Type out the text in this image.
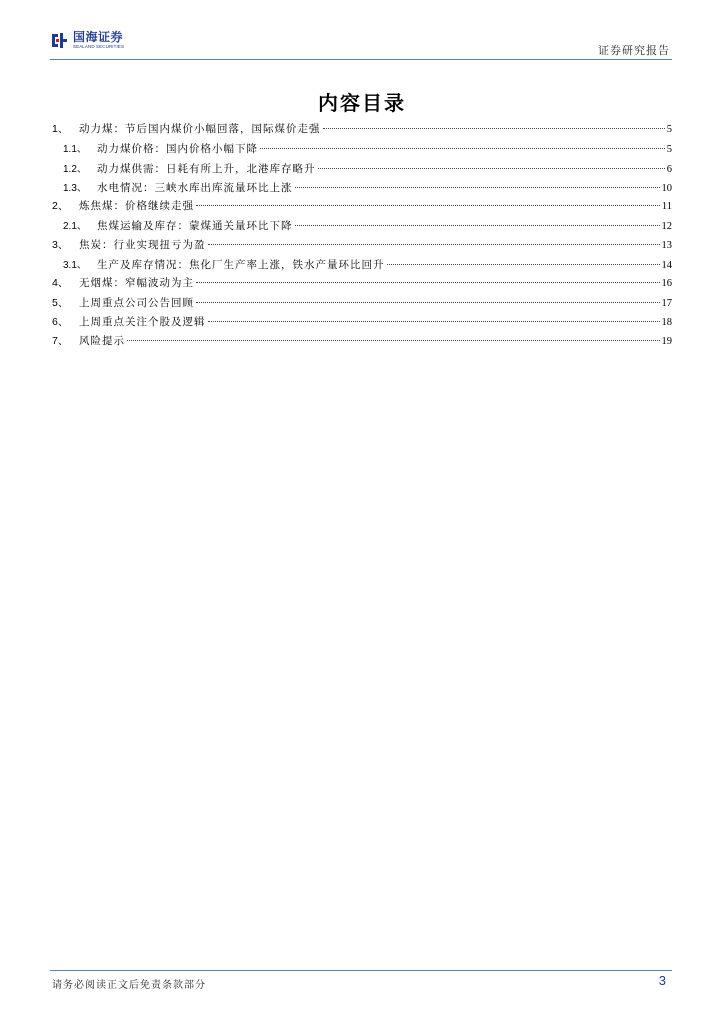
国海证券
SEALAND SECURITIES	证券研究报告
内容目录
1、	动力煤：节后国内煤价小幅回落，国际煤价走强	5
1.1、 动力煤价格：国内价格小幅下降	5
1.2、 动力煤供需：日耗有所上升，北港库存略升	6
1.3、 水电情况：三峡水库出库流量环比上涨	10
2、	炼焦煤：价格继续走强	11
2.1、 焦煤运输及库存：蒙煤通关量环比下降	12
3、	焦炭：行业实现扭亏为盈	13
3.1、 生产及库存情况：焦化厂生产率上涨，铁水产量环比回升	14
4、	无烟煤：窄幅波动为主	16
5、	上周重点公司公告回顾	17
6、	上周重点关注个股及逻辑	18
7、	风险提示	19
请务必阅读正文后免责条款部分	3
